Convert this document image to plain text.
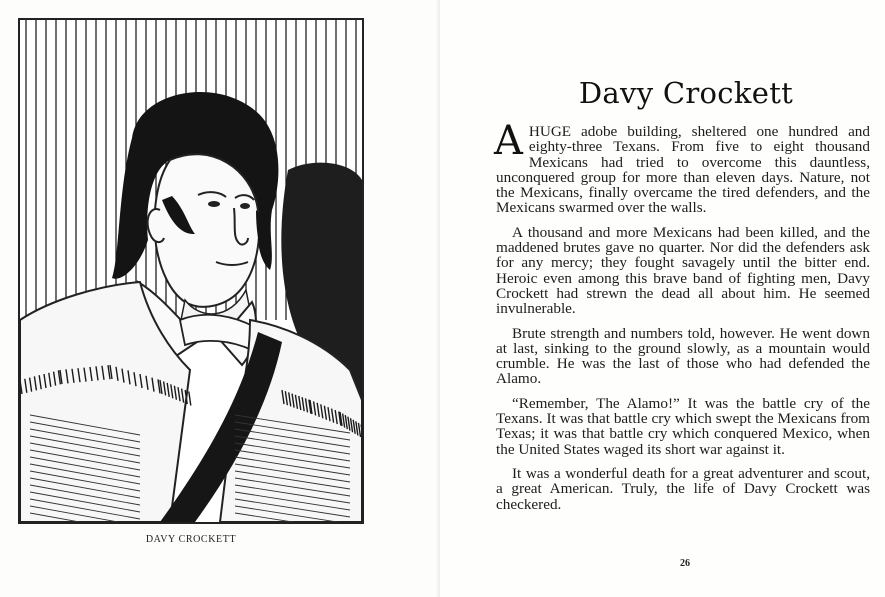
DAVY CROCKETT
Davy Crockett

A HUGE adobe building, sheltered one hundred and eighty-three Texans. From five to eight thousand Mexicans had tried to overcome this dauntless, unconquered group for more than eleven days. Nature, not the Mexicans, finally overcame the tired defenders, and the Mexicans swarmed over the walls.

A thousand and more Mexicans had been killed, and the maddened brutes gave no quarter. Nor did the defenders ask for any mercy; they fought savagely until the bitter end. Heroic even among this brave band of fighting men, Davy Crockett had strewn the dead all about him. He seemed invulnerable.

Brute strength and numbers told, however. He went down at last, sinking to the ground slowly, as a mountain would crumble. He was the last of those who had defended the Alamo.

“Remember, The Alamo!” It was the battle cry of the Texans. It was that battle cry which swept the Mexicans from Texas; it was that battle cry which conquered Mexico, when the United States waged its short war against it.

It was a wonderful death for a great adventurer and scout, a great American. Truly, the life of Davy Crockett was checkered.

26
